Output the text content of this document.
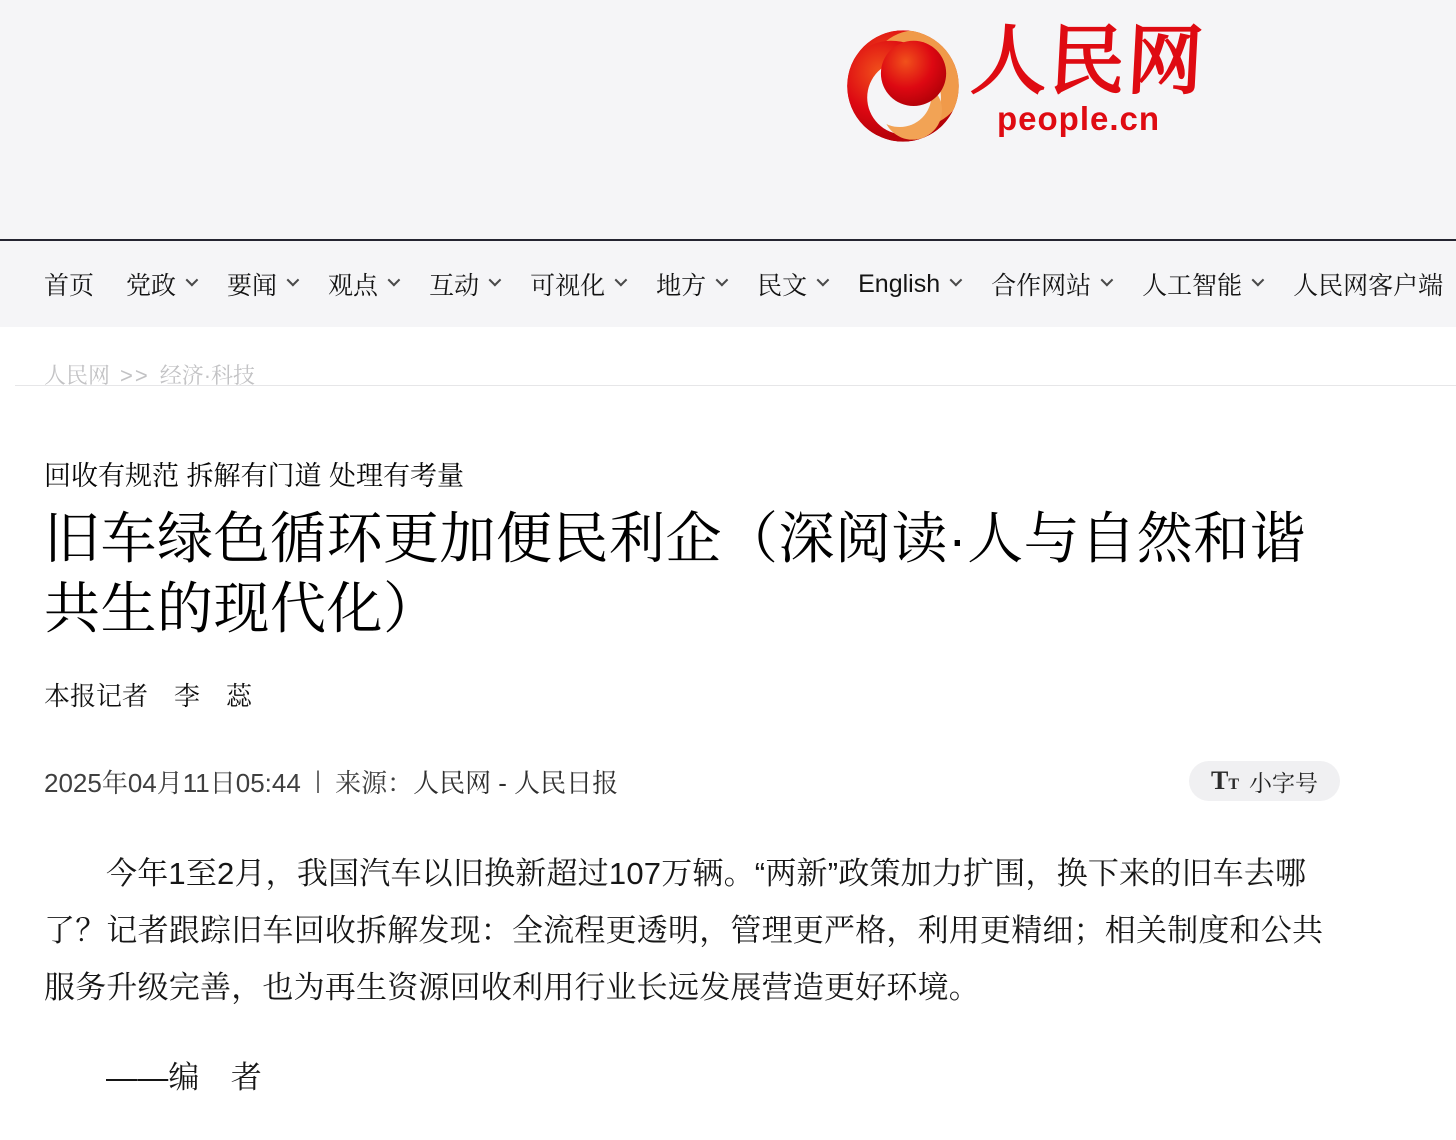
人民网
people.cn
首页 党政 要闻 观点 互动 可视化 地方 民文 English 合作网站 人工智能 人民网客户端
人民网 >> 经济·科技
回收有规范 拆解有门道 处理有考量
旧车绿色循环更加便民利企（深阅读·人与自然和谐共生的现代化）
本报记者　李　蕊
2025年04月11日05:44 | 来源： 人民网 - 人民日报	T T 小字号

今年1至2月，我国汽车以旧换新超过107万辆。“两新”政策加力扩围，换下来的旧车去哪了？记者跟踪旧车回收拆解发现：全流程更透明，管理更严格，利用更精细；相关制度和公共服务升级完善，也为再生资源回收利用行业长远发展营造更好环境。

——编　者
